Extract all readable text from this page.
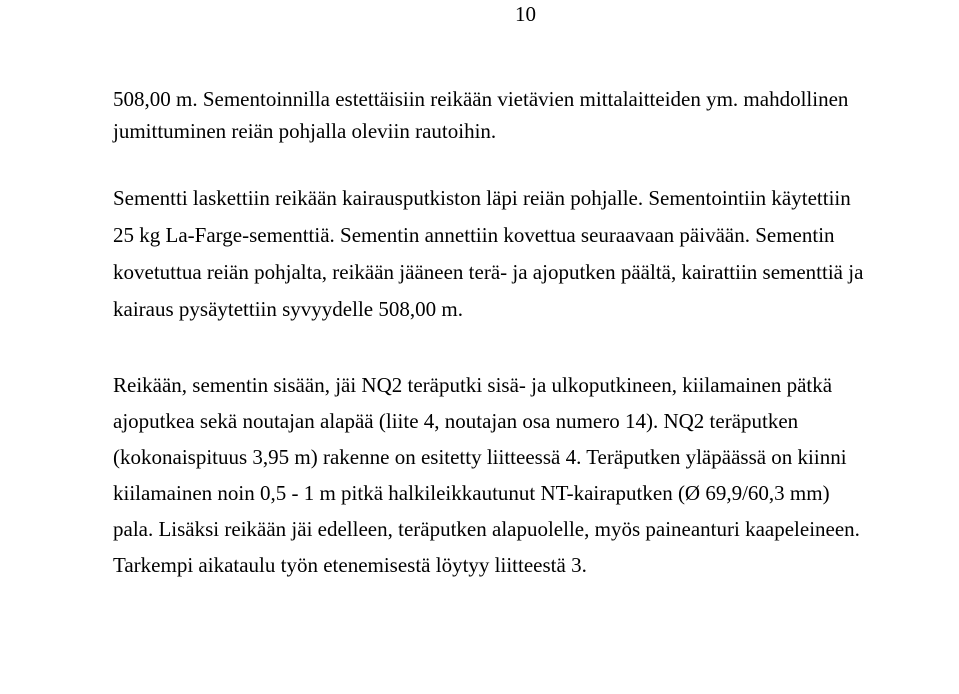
10

508,00 m. Sementoinnilla estettäisiin reikään vietävien mittalaitteiden ym. mahdollinen
jumittuminen reiän pohjalla oleviin rautoihin.

Sementti laskettiin reikään kairausputkiston läpi reiän pohjalle. Sementointiin käytettiin
25 kg La-Farge-sementtiä. Sementin annettiin kovettua seuraavaan päivään. Sementin
kovetuttua reiän pohjalta, reikään jääneen terä- ja ajoputken päältä, kairattiin sementtiä ja
kairaus pysäytettiin syvyydelle 508,00 m.

Reikään, sementin sisään, jäi NQ2 teräputki sisä- ja ulkoputkineen, kiilamainen pätkä
ajoputkea sekä noutajan alapää (liite 4, noutajan osa numero 14). NQ2 teräputken
(kokonaispituus 3,95 m) rakenne on esitetty liitteessä 4. Teräputken yläpäässä on kiinni
kiilamainen noin 0,5 - 1 m pitkä halkileikkautunut NT-kairaputken (Ø 69,9/60,3 mm)
pala. Lisäksi reikään jäi edelleen, teräputken alapuolelle, myös paineanturi kaapeleineen.
Tarkempi aikataulu työn etenemisestä löytyy liitteestä 3.
